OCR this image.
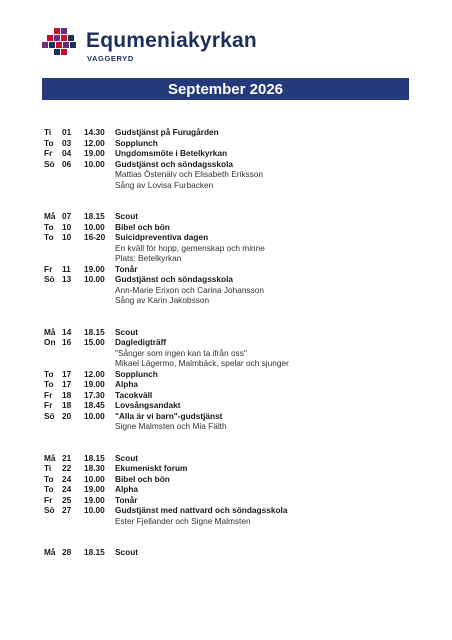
Equmeniakyrkan
VAGGERYD
September 2026
Ti	01	14.30	Gudstjänst på Furugården
To	03	12.00	Sopplunch
Fr	04	19.00	Ungdomsmöte i Betelkyrkan
Sö 06	10.00	Gudstjänst och söndagsskola
Mattias Östenälv och Elisabeth Eriksson
Sång av Lovisa Furbacken
Må 07	18.15	Scout
To	10	10.00	Bibel och bön
To	10	16-20	Suicidpreventiva dagen
En kväll för hopp, gemenskap och minne
Plats: Betelkyrkan
Fr	11	19.00	Tonår
Sö 13	10.00	Gudstjänst och söndagsskola
Ann-Marie Erixon och Carina Johansson
Sång av Karin Jakobsson
Må 14	18.15	Scout
On 16	15.00	Dagledigträff
"Sånger som ingen kan ta ifrån oss"
Mikael Lägermo, Malmbäck, spelar och sjunger
To	17	12.00	Sopplunch
To	17	19.00	Alpha
Fr	18	17.30	Tacokväll
Fr	18	18.45	Lovsångsandakt
Sö 20	10.00	"Alla är vi barn"-gudstjänst
Signe Malmsten och Mia Fälth
Må 21	18.15	Scout
Ti	22	18.30	Ekumeniskt forum
To	24	10.00	Bibel och bön
To	24	19.00	Alpha
Fr	25	19.00	Tonår
Sö 27	10.00	Gudstjänst med nattvard och söndagsskola
Ester Fjellander och Signe Malmsten
Må 28	18.15	Scout
